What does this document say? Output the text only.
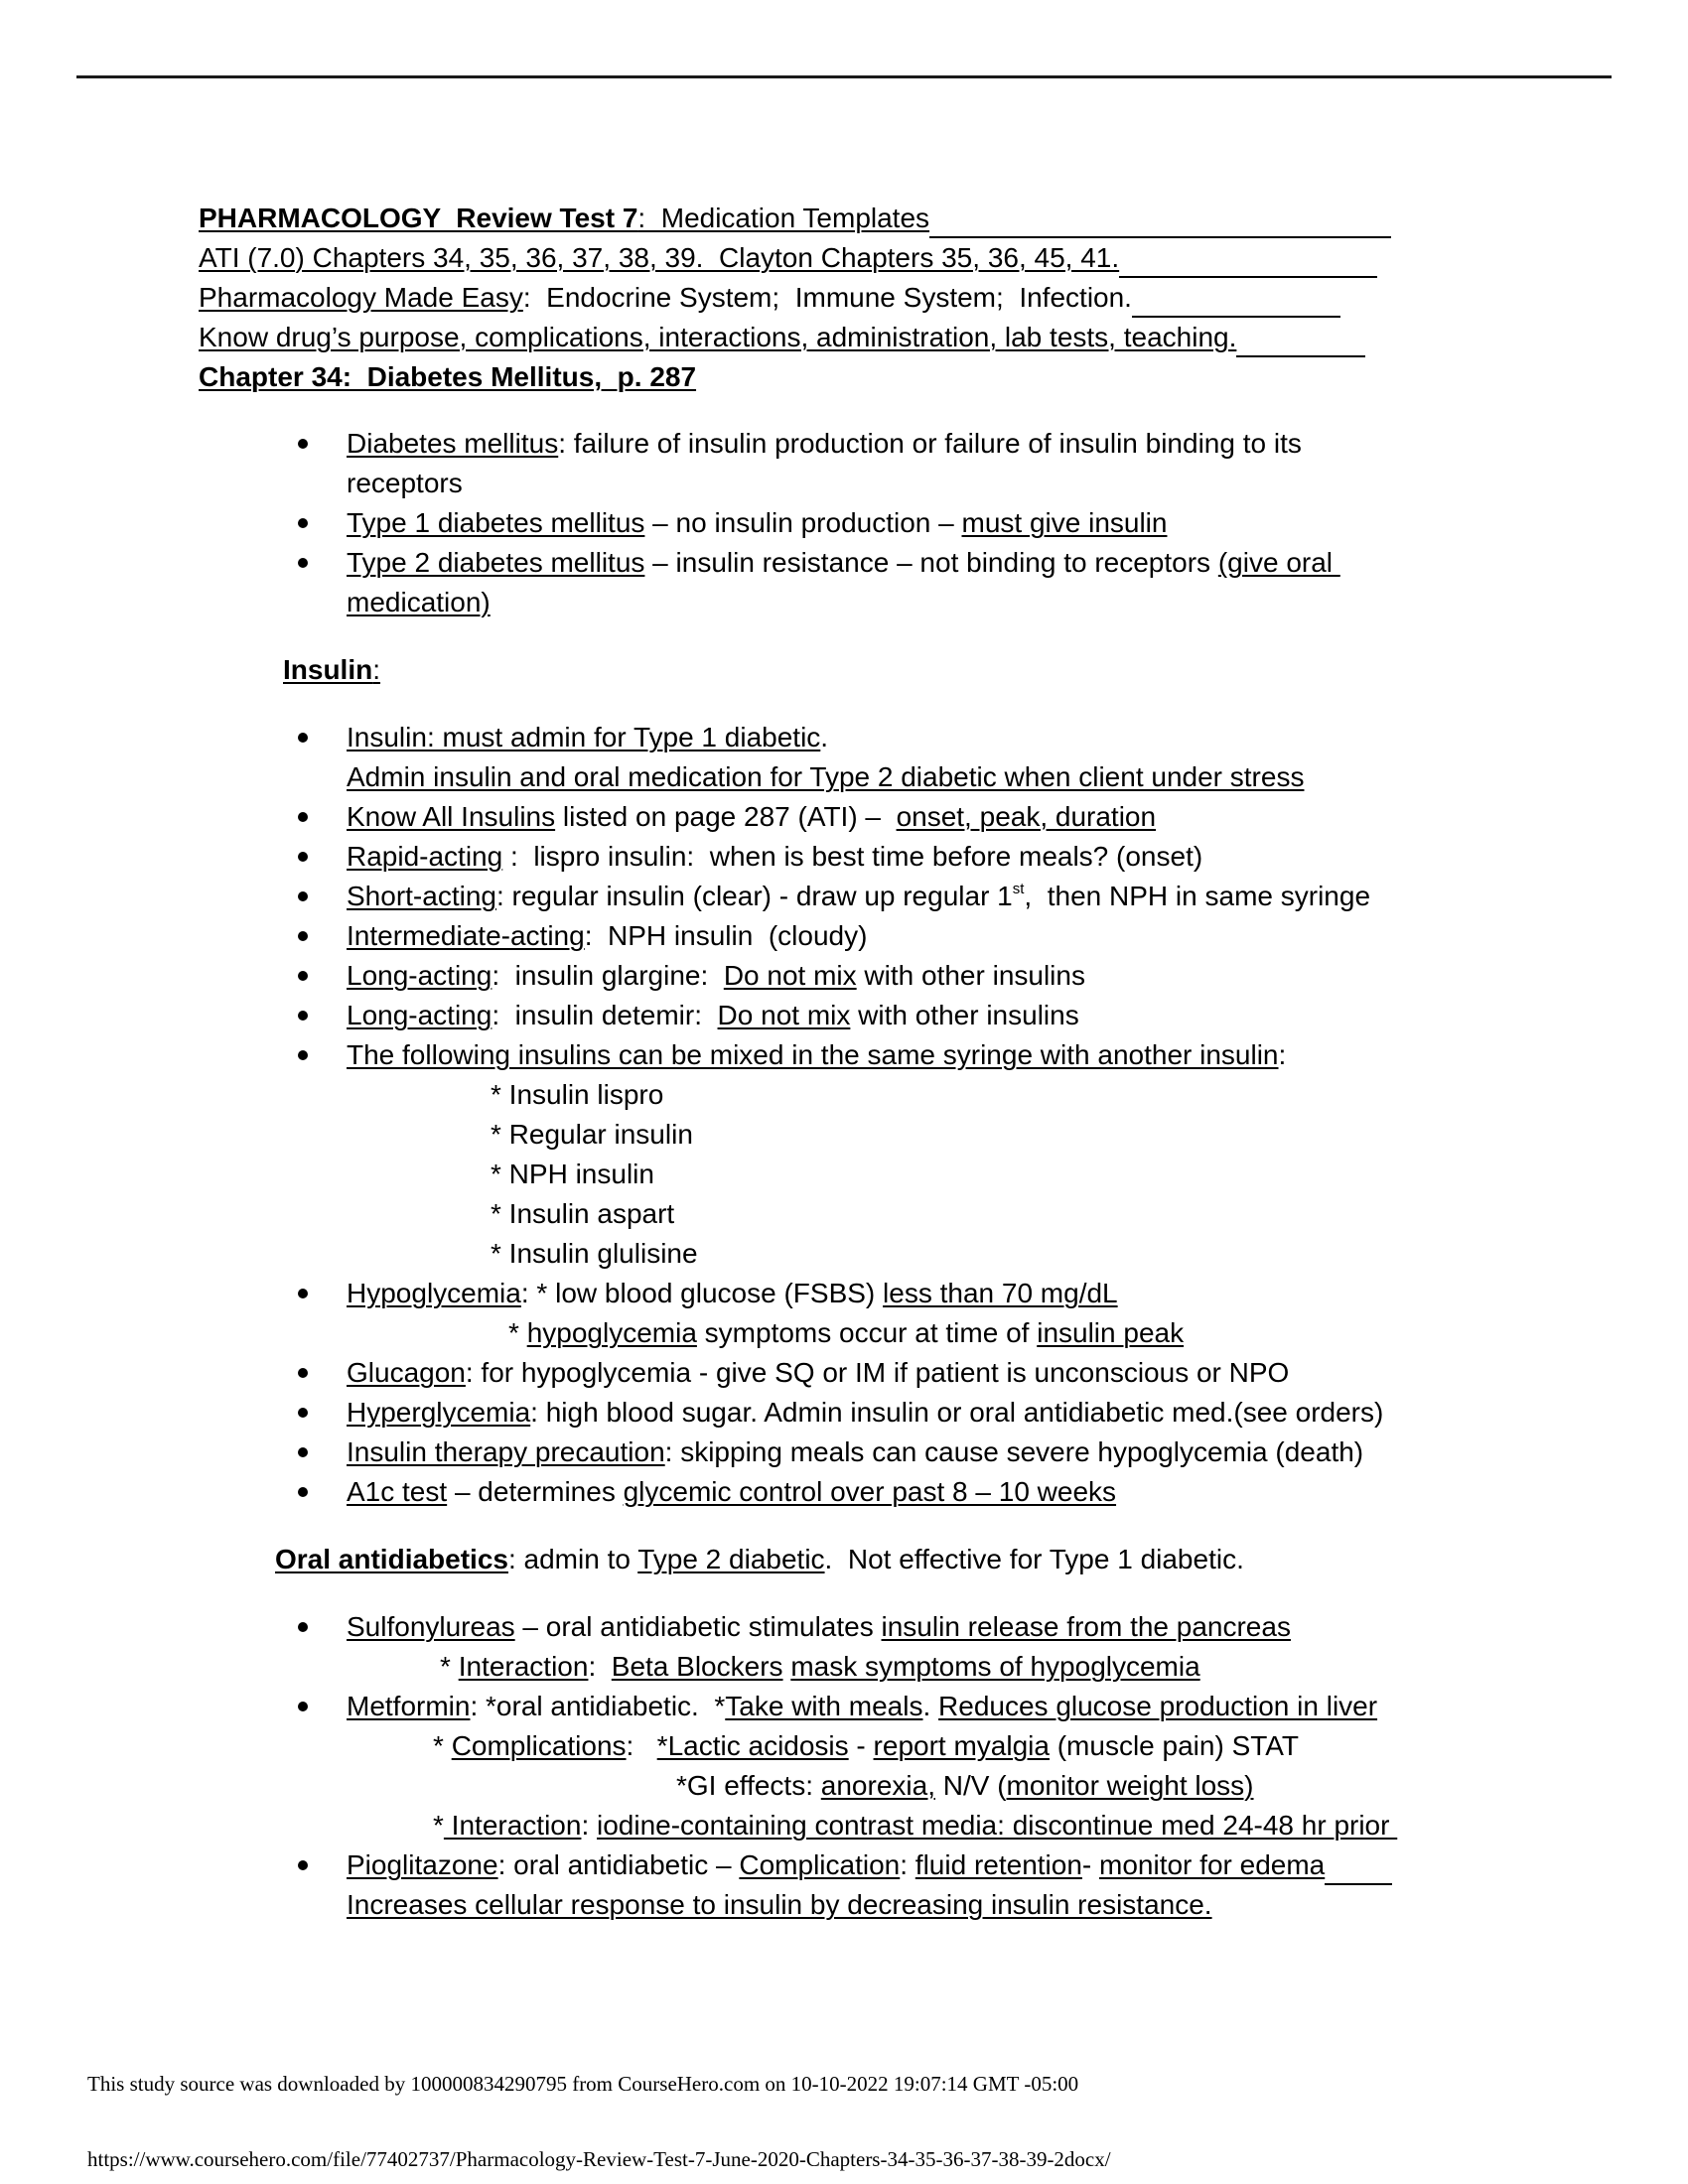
PHARMACOLOGY  Review Test 7:  Medication Templates
ATI (7.0) Chapters 34, 35, 36, 37, 38, 39.  Clayton Chapters 35, 36, 45, 41.
Pharmacology Made Easy:  Endocrine System;  Immune System;  Infection.
Know drug’s purpose, complications, interactions, administration, lab tests, teaching.
Chapter 34:  Diabetes Mellitus,  p. 287
Diabetes mellitus: failure of insulin production or failure of insulin binding to its
receptors
Type 1 diabetes mellitus – no insulin production – must give insulin
Type 2 diabetes mellitus – insulin resistance – not binding to receptors (give oral
medication)
Insulin:
Insulin: must admin for Type 1 diabetic.
Admin insulin and oral medication for Type 2 diabetic when client under stress
Know All Insulins listed on page 287 (ATI) –  onset, peak, duration
Rapid-acting :  lispro insulin:  when is best time before meals? (onset)
Short-acting: regular insulin (clear) - draw up regular 1st,  then NPH in same syringe
Intermediate-acting:  NPH insulin  (cloudy)
Long-acting:  insulin glargine:  Do not mix with other insulins
Long-acting:  insulin detemir:  Do not mix with other insulins
The following insulins can be mixed in the same syringe with another insulin:
* Insulin lispro
* Regular insulin
* NPH insulin
* Insulin aspart
* Insulin glulisine
Hypoglycemia: * low blood glucose (FSBS) less than 70 mg/dL
* hypoglycemia symptoms occur at time of insulin peak
Glucagon: for hypoglycemia - give SQ or IM if patient is unconscious or NPO
Hyperglycemia: high blood sugar. Admin insulin or oral antidiabetic med.(see orders)
Insulin therapy precaution: skipping meals can cause severe hypoglycemia (death)
A1c test – determines glycemic control over past 8 – 10 weeks
Oral antidiabetics: admin to Type 2 diabetic.  Not effective for Type 1 diabetic.
Sulfonylureas – oral antidiabetic stimulates insulin release from the pancreas
* Interaction:  Beta Blockers mask symptoms of hypoglycemia
Metformin: *oral antidiabetic.  *Take with meals. Reduces glucose production in liver
* Complications:   *Lactic acidosis - report myalgia (muscle pain) STAT
*GI effects: anorexia, N/V (monitor weight loss)
* Interaction: iodine-containing contrast media: discontinue med 24-48 hr prior
Pioglitazone: oral antidiabetic – Complication: fluid retention- monitor for edema
Increases cellular response to insulin by decreasing insulin resistance.
This study source was downloaded by 100000834290795 from CourseHero.com on 10-10-2022 19:07:14 GMT -05:00
https://www.coursehero.com/file/77402737/Pharmacology-Review-Test-7-June-2020-Chapters-34-35-36-37-38-39-2docx/
